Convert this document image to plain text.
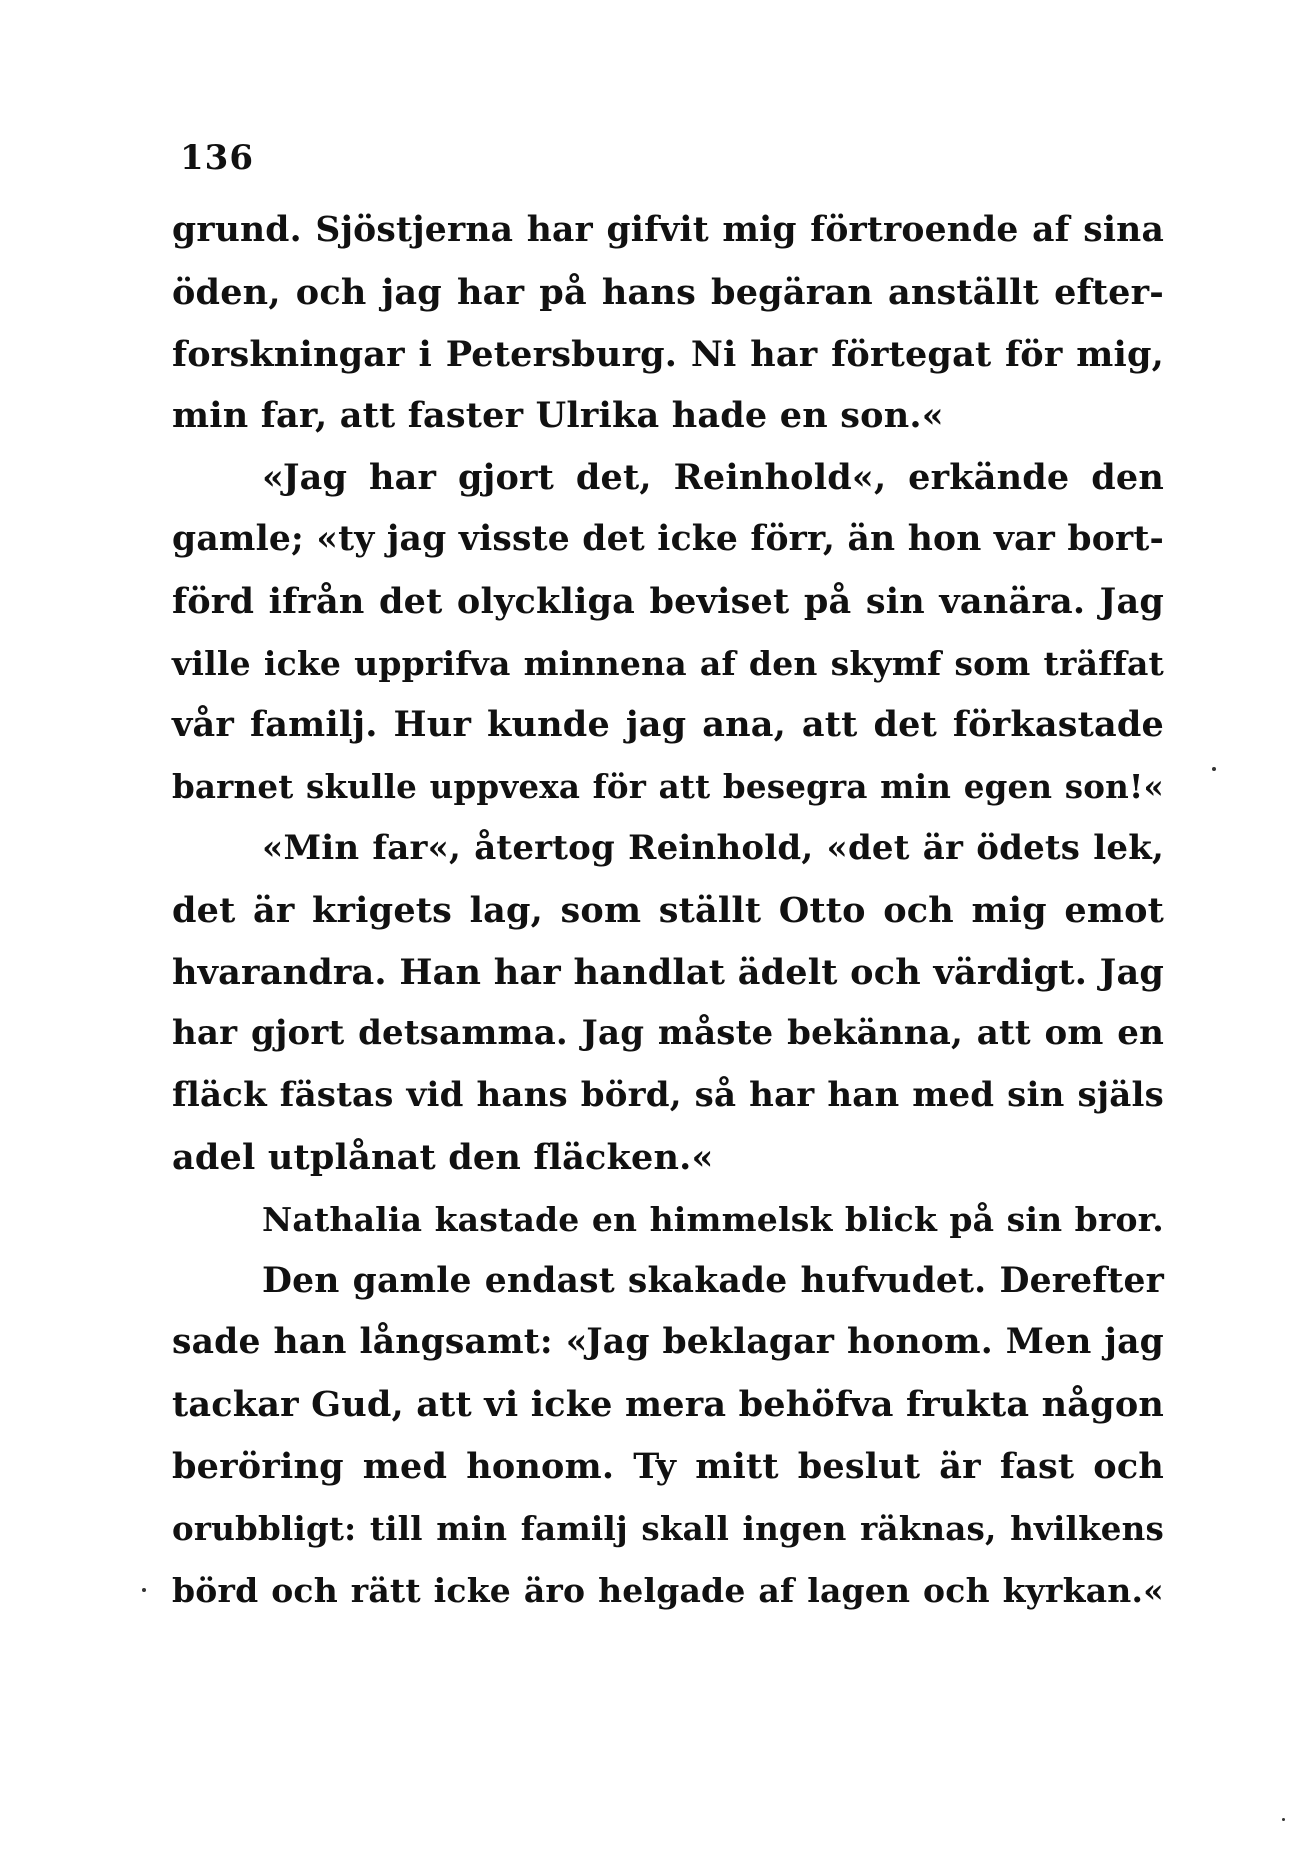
136
grund. Sjöstjerna har gifvit mig förtroende af sina
öden, och jag har på hans begäran anställt efter-
forskningar i Petersburg. Ni har förtegat för mig,
min far, att faster Ulrika hade en son.«
«Jag har gjort det, Reinhold«, erkände den
gamle; «ty jag visste det icke förr, än hon var bort-
förd ifrån det olyckliga beviset på sin vanära. Jag
ville icke upprifva minnena af den skymf som träffat
vår familj. Hur kunde jag ana, att det förkastade
barnet skulle uppvexa för att besegra min egen son!«
«Min far«, återtog Reinhold, «det är ödets lek,
det är krigets lag, som ställt Otto och mig emot
hvarandra. Han har handlat ädelt och värdigt. Jag
har gjort detsamma. Jag måste bekänna, att om en
fläck fästas vid hans börd, så har han med sin själs
adel utplånat den fläcken.«
Nathalia kastade en himmelsk blick på sin bror.
Den gamle endast skakade hufvudet. Derefter
sade han långsamt: «Jag beklagar honom. Men jag
tackar Gud, att vi icke mera behöfva frukta någon
beröring med honom. Ty mitt beslut är fast och
orubbligt: till min familj skall ingen räknas, hvilkens
börd och rätt icke äro helgade af lagen och kyrkan.«
